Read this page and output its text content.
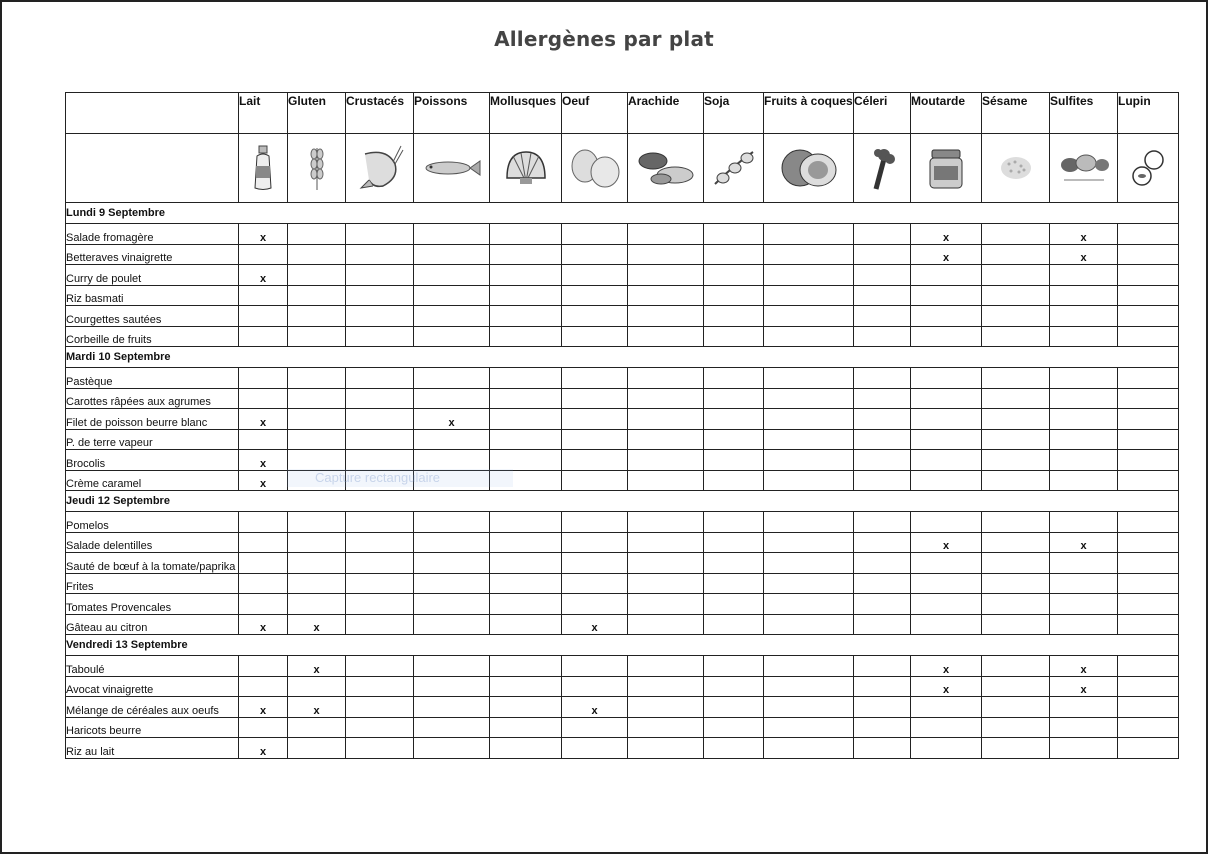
Allergènes par plat
	Lait	Gluten	Crustacés	Poissons	Mollusques	Oeuf	Arachide	Soja	Fruits à coques	Céleri	Moutarde	Sésame	Sulfites	Lupin

Lundi 9 Septembre														
Salade fromagère	x										x		x	
Betteraves vinaigrette											x		x	
Curry de poulet	x													
Riz basmati														
Courgettes sautées														
Corbeille de fruits														
Mardi 10 Septembre														
Pastèque														
Carottes râpées aux agrumes														
Filet de poisson beurre blanc	x			x										
P. de terre vapeur														
Brocolis	x													
Crème caramel	x													
Jeudi 12 Septembre														
Pomelos														
Salade delentilles											x		x	
Sauté de bœuf à la tomate/paprika														
Frites														
Tomates Provencales														
Gâteau au citron	x	x				x								
Vendredi 13 Septembre														
Taboulé		x									x		x	
Avocat vinaigrette											x		x	
Mélange de céréales aux oeufs	x	x				x								
Haricots beurre														
Riz au lait	x													
Capture rectangulaire
